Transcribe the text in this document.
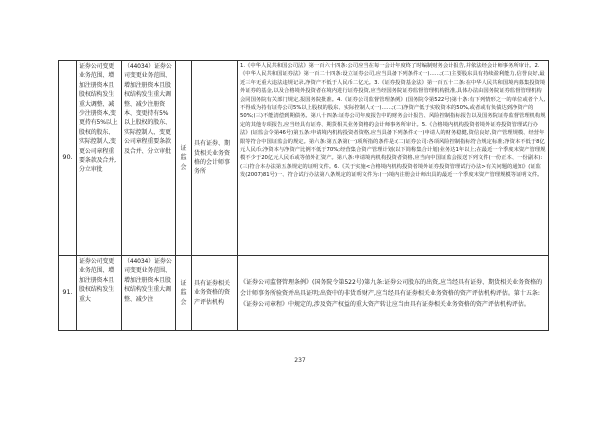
90.	证券公司变更业务范围、增加注册资本且股权结构发生重大调整、减少注册资本,变更持有5%以上股权的股东、实际控制人,变更公司章程重要条款及合并,分立审批	（44034）证券公司变更业务范围、增加注册资本且股权结构发生重大调整、减少注册资本、变更持有5%以上股权的股东、实际控制人、变更公司章程重要条款及合并、分立审批	证监会	具有证券、期货相关业务资格的会计师事务所	1.《中华人民共和国公司法》第一百六十四条:公司应当在每一会计年度终了时编制财务会计报告,并依法经会计师事务所审计。2.《中华人民共和国证券法》第一百二十四条:设立证券公司,应当具备下列条件:(一)……;(二)主要股东具有持续盈利能力,信誉良好,最近三年无重大违法违规记录,净资产不低于人民币二亿元。3.《证券投资基金法》第一百五十二条:在中华人民共和国境内募集投资境外证券的基金,以及合格境外投资者在境内进行证券投资,应当经国务院证券监督管理机构批准,具体办法由国务院证券监督管理机构会同国务院有关部门规定,报国务院批准。4.《证券公司监督管理条例》(国务院令第522号)第十条:有下列情形之一的单位或者个人,不得成为持有证券公司5%以上股权的股东、实际控制人:(一)……;(二)净资产低于实收资本的50%,或者或有负债达到净资产的50%;(三)不能清偿到期债务。第八十四条:证券公司年度报告中的财务会计报告、风险控制指标报告以及国务院证券监督管理机构规定的其他专项报告,应当经具有证券、期货相关业务资格的会计师事务所审计。5.《合格境内机构投资者境外证券投资管理试行办法》(证监会令第46号)第五条:申请境内机构投资者资格,应当具备下列条件:(一)申请人的财务稳健,资信良好,资产管理规模、经营年限等符合中国证监会的规定。第六条:第五条第(一)项所指的条件是:(二)证券公司:各项风险控制指标符合规定标准;净资本不低于8亿元人民币;净资本与净资产比例不低于70%;经营集合资产管理计划(以下简称集合计划)业务达1年以上;在最近一个季度末资产管理规模不少于20亿元人民币或等值外汇资产。第八条:申请境内机构投资者资格,应当向中国证监会报送下列文件(一份正本、一份副本):(三)符合本办法第五条规定的证明文件。6.《关于实施<合格境内机构投资者境外证券投资管理试行办法>有关问题的通知》(证监发(2007)81号)一、符合试行办法第八条规定的证明文件为:(一)境内注册会计师出具的最近一个季度末资产管理规模等证明文件。
91.	证券公司变更业务范围、增加注册资本且股权结构发生重大	（44034）证券公司变更业务范围、增加注册资本且股权结构发生重大调整、减少注	证监会	具有证券相关业务资格的资产评估机构	《证券公司监督管理条例》(国务院令第522号)第九条:证券公司股东的出资,应当经具有证券、期货相关业务资格的会计师事务所验资并出具证明;出资中的非货币财产,应当经具有证券相关业务资格的资产评估机构评估。第十五条:《证券公司章程》中规定的,涉及资产权益的重大资产转让应当由具有证券相关业务资格的资产评估机构评估。
237
